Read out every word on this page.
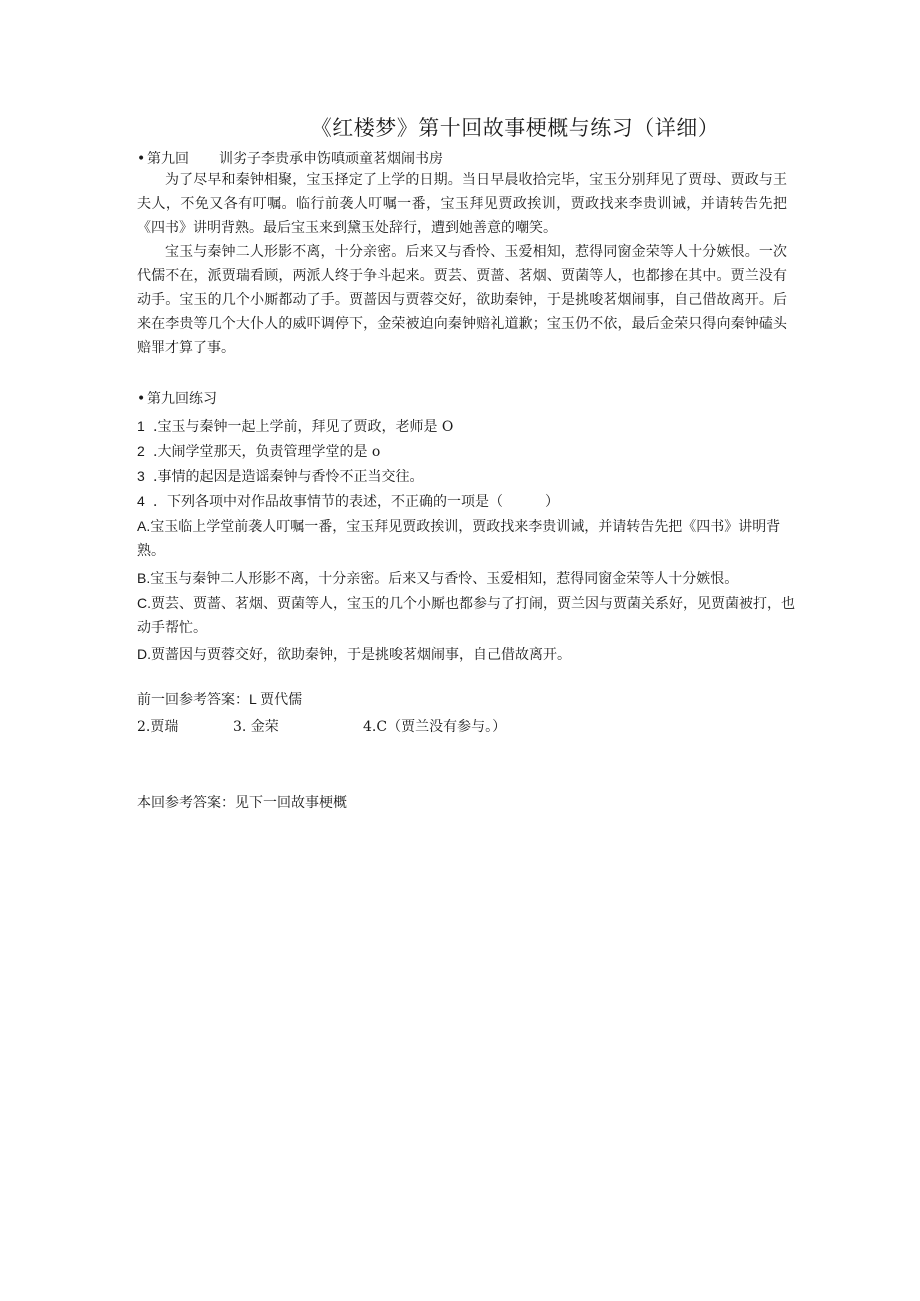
《红楼梦》第十回故事梗概与练习（详细）
• 第九回 训劣子李贵承申饬嗔顽童茗烟闹书房
为了尽早和秦钟相聚，宝玉择定了上学的日期。当日早晨收拾完毕，宝玉分别拜见了贾母、贾政与王夫人，不免又各有叮嘱。临行前袭人叮嘱一番，宝玉拜见贾政挨训，贾政找来李贵训诫，并请转告先把《四书》讲明背熟。最后宝玉来到黛玉处辞行，遭到她善意的嘲笑。
宝玉与秦钟二人形影不离，十分亲密。后来又与香怜、玉爱相知，惹得同窗金荣等人十分嫉恨。一次代儒不在，派贾瑞看顾，两派人终于争斗起来。贾芸、贾蔷、茗烟、贾菌等人，也都掺在其中。贾兰没有动手。宝玉的几个小厮都动了手。贾蔷因与贾蓉交好，欲助秦钟，于是挑唆茗烟闹事，自己借故离开。后来在李贵等几个大仆人的威吓调停下，金荣被迫向秦钟赔礼道歉；宝玉仍不依，最后金荣只得向秦钟磕头赔罪才算了事。
• 第九回练习
1 .宝玉与秦钟一起上学前，拜见了贾政，老师是 O
2 .大闹学堂那天，负责管理学堂的是 o
3 .事情的起因是造谣秦钟与香怜不正当交往。
4 ．下列各项中对作品故事情节的表述，不正确的一项是（　　　）
A.宝玉临上学堂前袭人叮嘱一番，宝玉拜见贾政挨训，贾政找来李贵训诫，并请转告先把《四书》讲明背熟。
B.宝玉与秦钟二人形影不离，十分亲密。后来又与香怜、玉爱相知，惹得同窗金荣等人十分嫉恨。
C.贾芸、贾蔷、茗烟、贾菌等人，宝玉的几个小厮也都参与了打闹，贾兰因与贾菌关系好，见贾菌被打，也动手帮忙。
D.贾蔷因与贾蓉交好，欲助秦钟，于是挑唆茗烟闹事，自己借故离开。
前一回参考答案：L 贾代儒
2.贾瑞	3. 金荣	4.C（贾兰没有参与。）
本回参考答案：见下一回故事梗概
